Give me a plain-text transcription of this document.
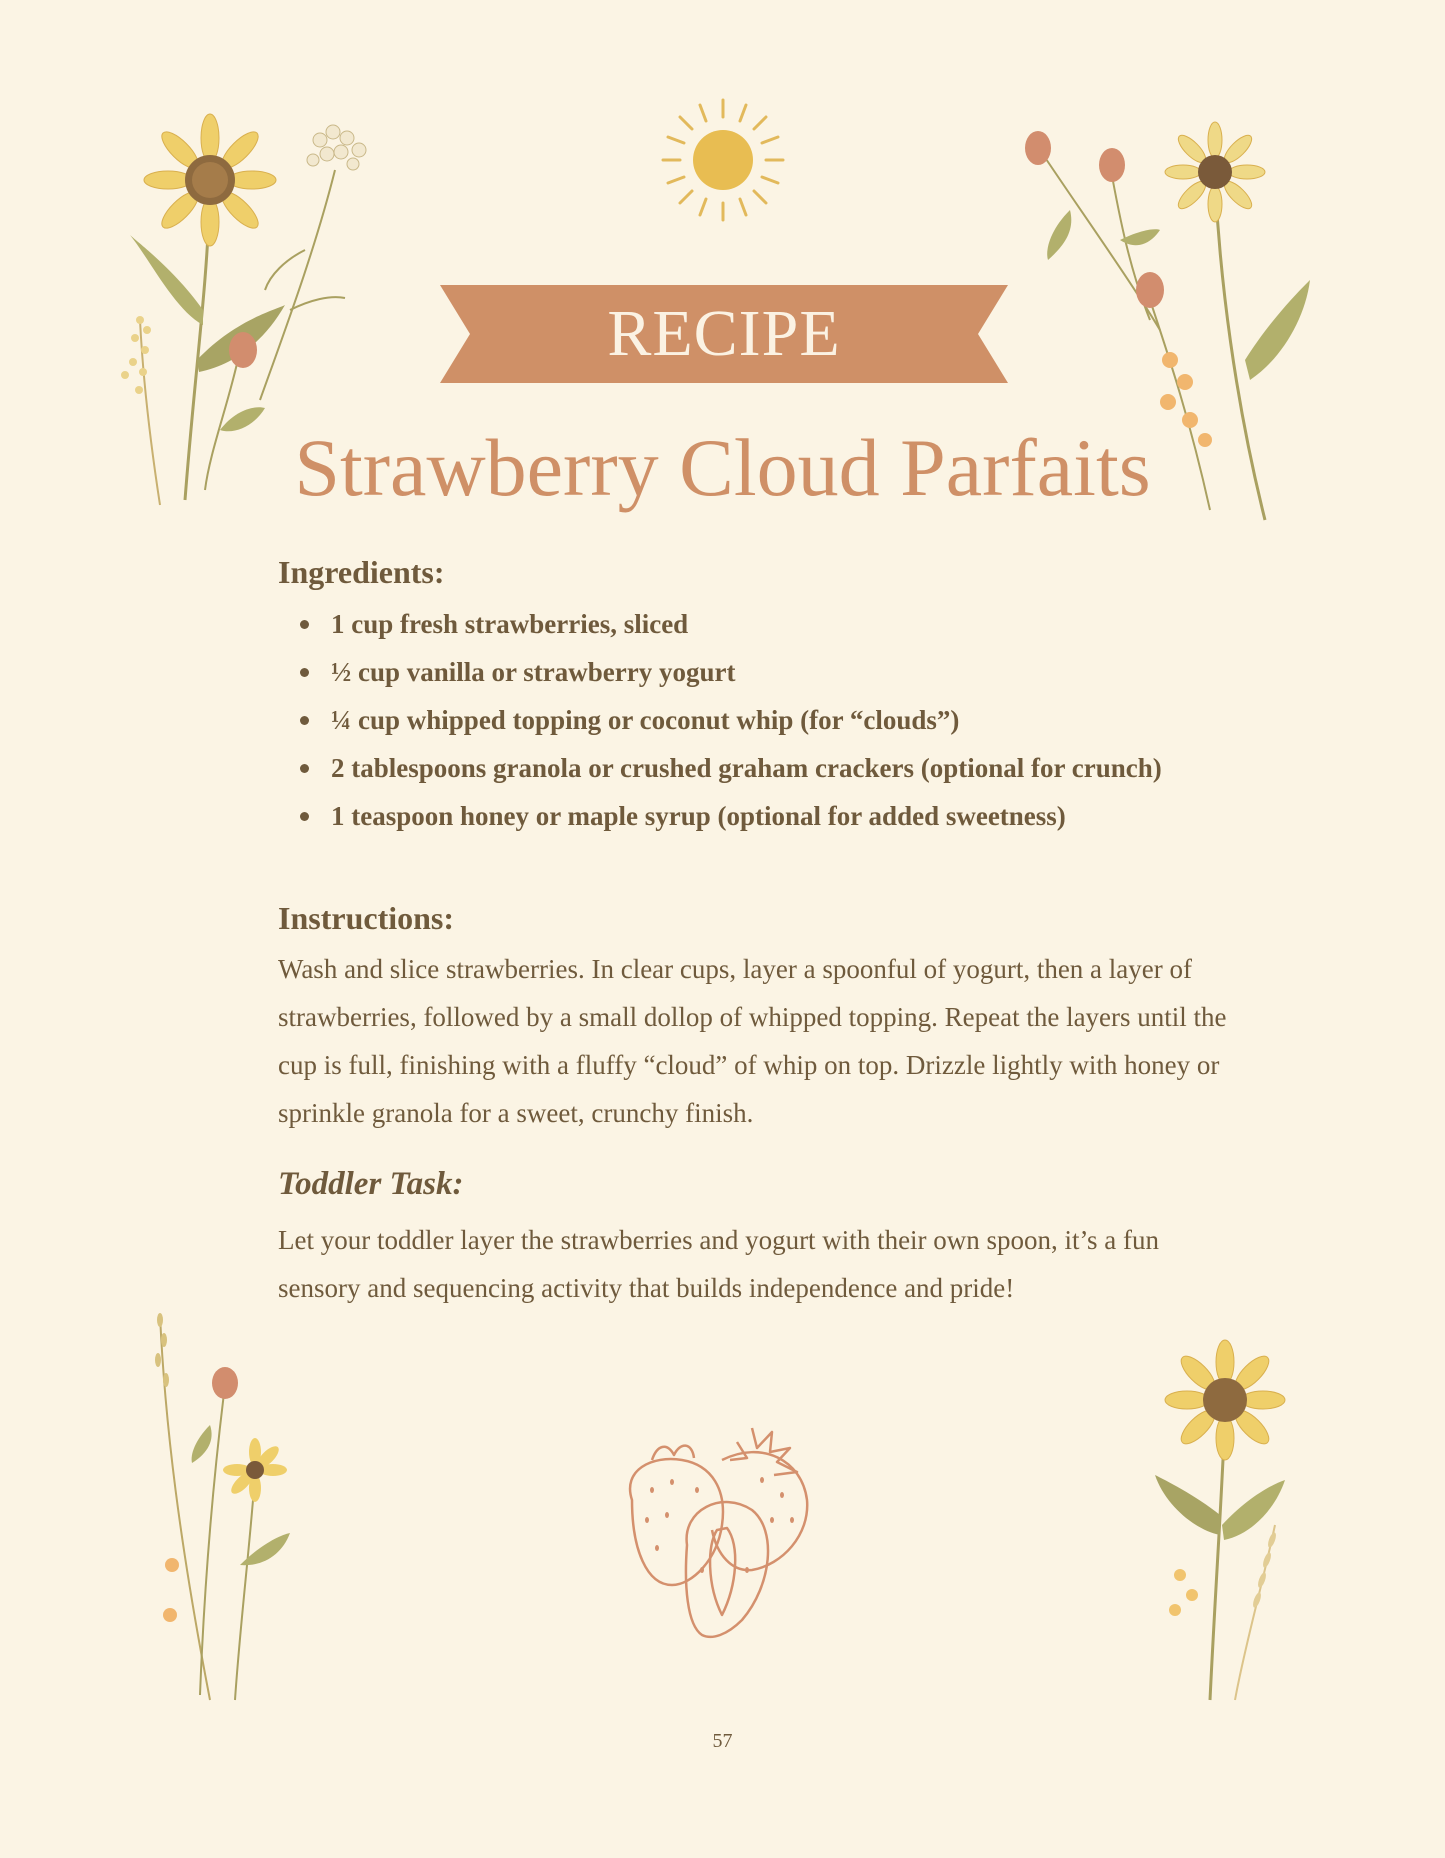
RECIPE
Strawberry Cloud Parfaits
Ingredients:
1 cup fresh strawberries, sliced
½ cup vanilla or strawberry yogurt
¼ cup whipped topping or coconut whip (for “clouds”)
2 tablespoons granola or crushed graham crackers (optional for crunch)
1 teaspoon honey or maple syrup (optional for added sweetness)
Instructions:

Wash and slice strawberries. In clear cups, layer a spoonful of yogurt, then a layer of strawberries, followed by a small dollop of whipped topping. Repeat the layers until the cup is full, finishing with a fluffy “cloud” of whip on top. Drizzle lightly with honey or sprinkle granola for a sweet, crunchy finish.

Toddler Task:

Let your toddler layer the strawberries and yogurt with their own spoon, it’s a fun sensory and sequencing activity that builds independence and pride!

57
